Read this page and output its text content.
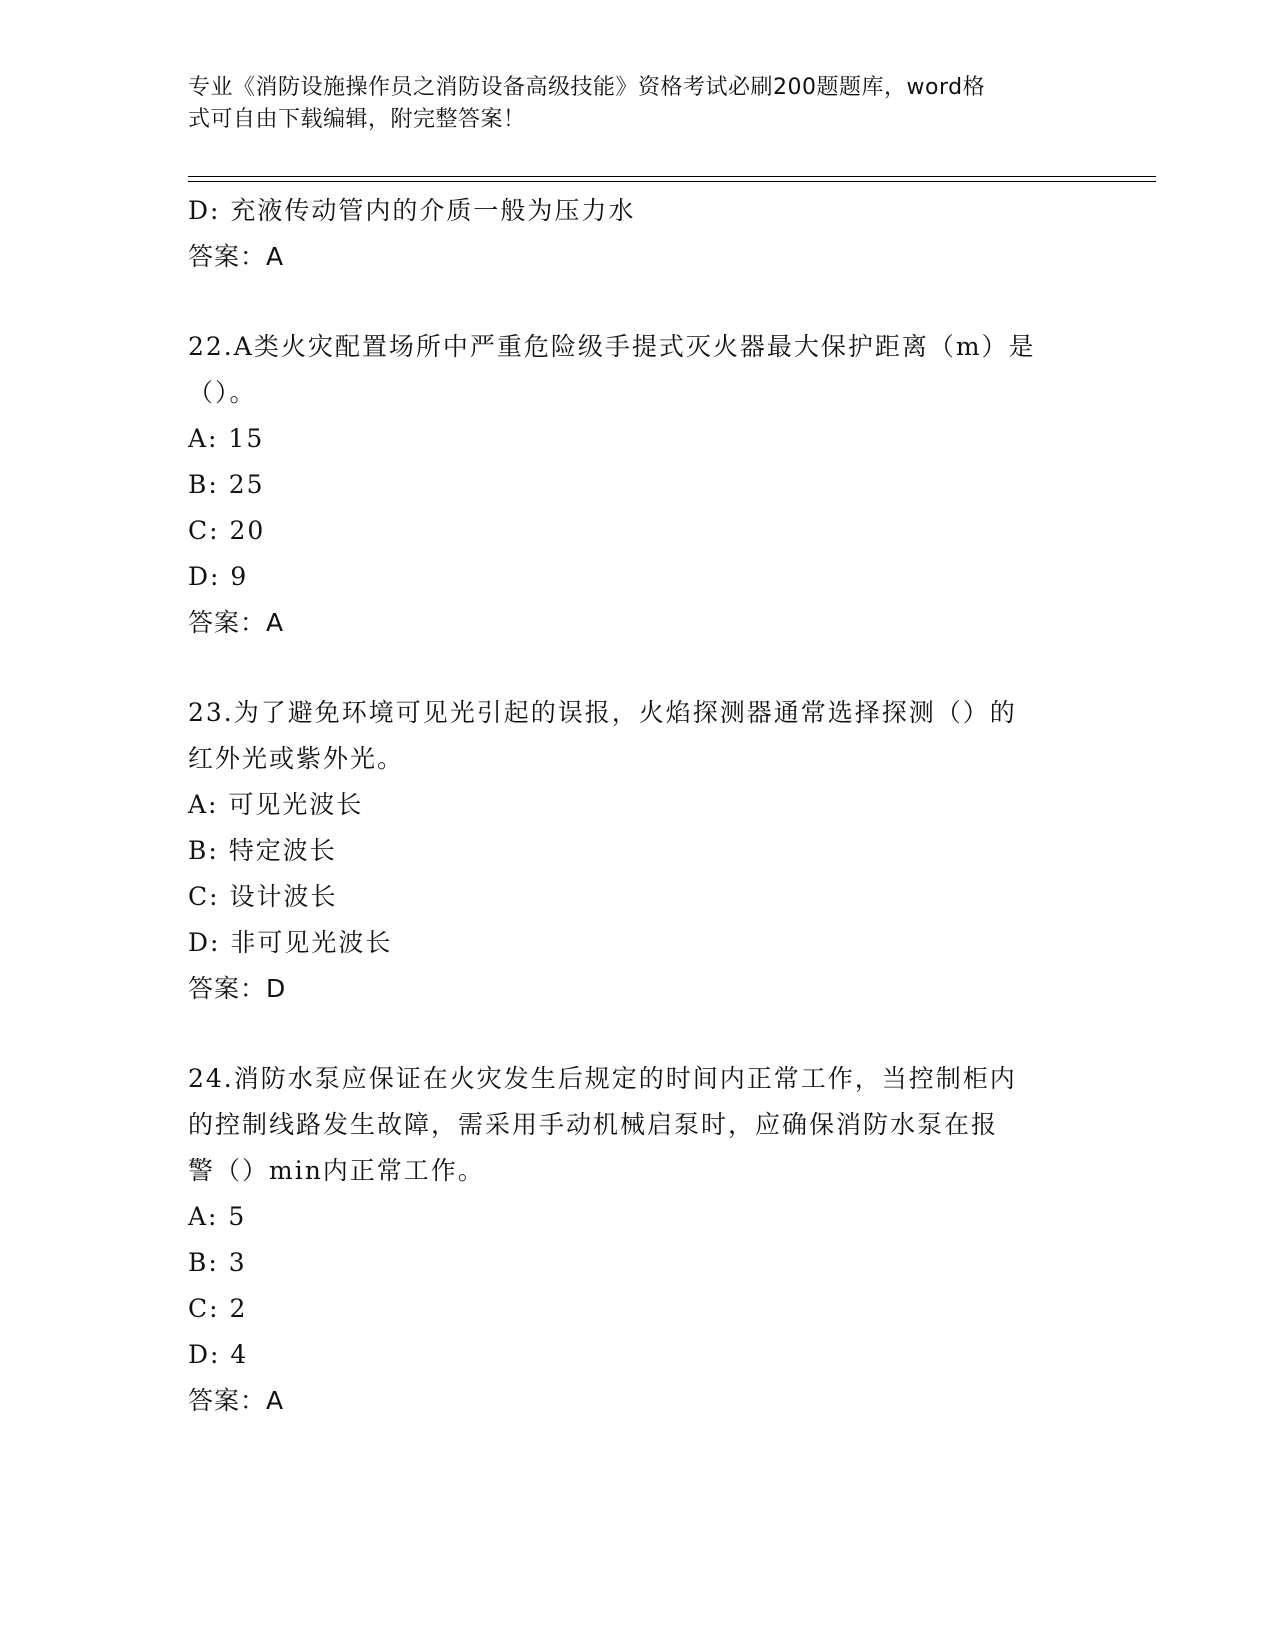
专业《消防设施操作员之消防设备高级技能》资格考试必刷200题题库，word格
式可自由下载编辑，附完整答案！
D: 充液传动管内的介质一般为压力水
答案：A
22.A类火灾配置场所中严重危险级手提式灭火器最大保护距离（m）是
（）。
A: 15
B: 25
C: 20
D: 9
答案：A
23.为了避免环境可见光引起的误报，火焰探测器通常选择探测（）的
红外光或紫外光。
A: 可见光波长
B: 特定波长
C: 设计波长
D: 非可见光波长
答案：D
24.消防水泵应保证在火灾发生后规定的时间内正常工作，当控制柜内
的控制线路发生故障，需采用手动机械启泵时，应确保消防水泵在报
警（）min内正常工作。
A: 5
B: 3
C: 2
D: 4
答案：A
